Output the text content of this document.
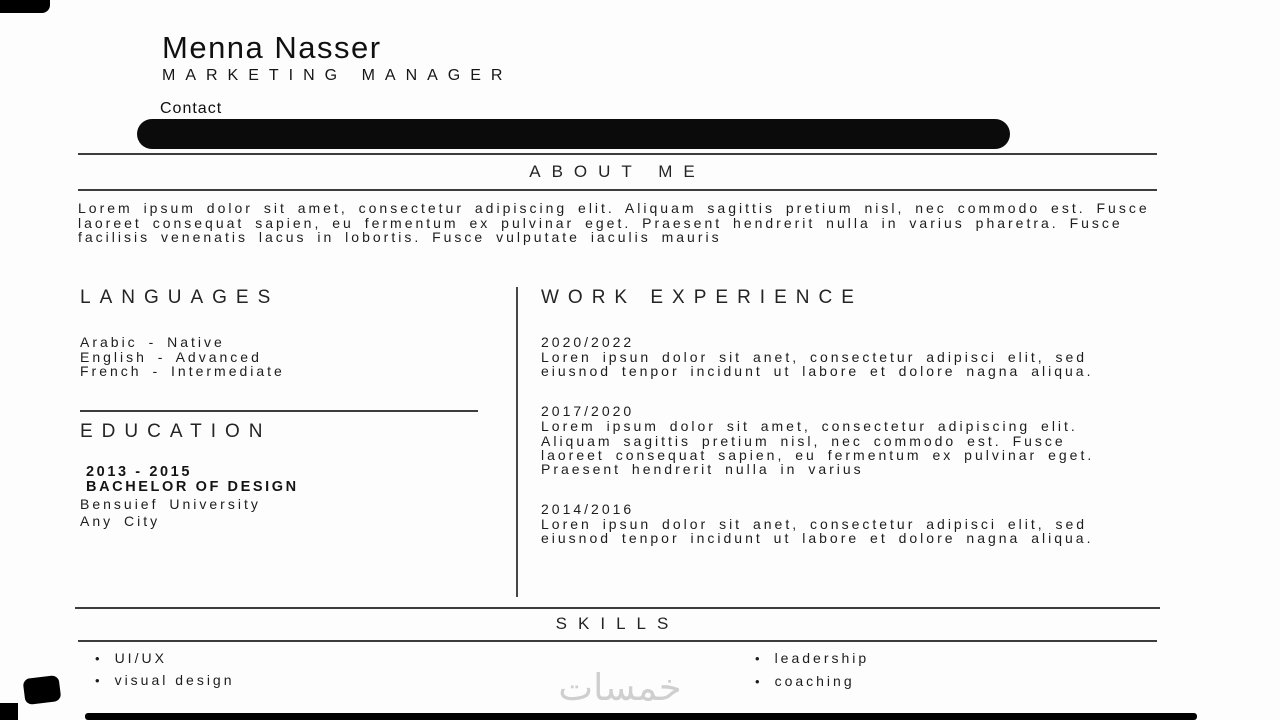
Menna Nasser
MARKETING MANAGER
Contact
ABOUT ME

Lorem ipsum dolor sit amet, consectetur adipiscing elit. Aliquam sagittis pretium nisl, nec commodo est. Fusce laoreet consequat sapien, eu fermentum ex pulvinar eget. Praesent hendrerit nulla in varius pharetra. Fusce facilisis venenatis lacus in lobortis. Fusce vulputate iaculis mauris

LANGUAGES
Arabic - Native
English - Advanced
French - Intermediate
EDUCATION
2013 - 2015
BACHELOR OF DESIGN
Bensuief University
Any City
WORK EXPERIENCE
2020/2022

Loren ipsun dolor sit anet, consectetur adipisci elit, sed eiusnod tenpor incidunt ut labore et dolore nagna aliqua.

2017/2020

Lorem ipsum dolor sit amet, consectetur adipiscing elit. Aliquam sagittis pretium nisl, nec commodo est. Fusce laoreet consequat sapien, eu fermentum ex pulvinar eget. Praesent hendrerit nulla in varius

2014/2016

Loren ipsun dolor sit anet, consectetur adipisci elit, sed eiusnod tenpor incidunt ut labore et dolore nagna aliqua.

SKILLS
• UI/UX
• visual design
• leadership
• coaching
خمسات
